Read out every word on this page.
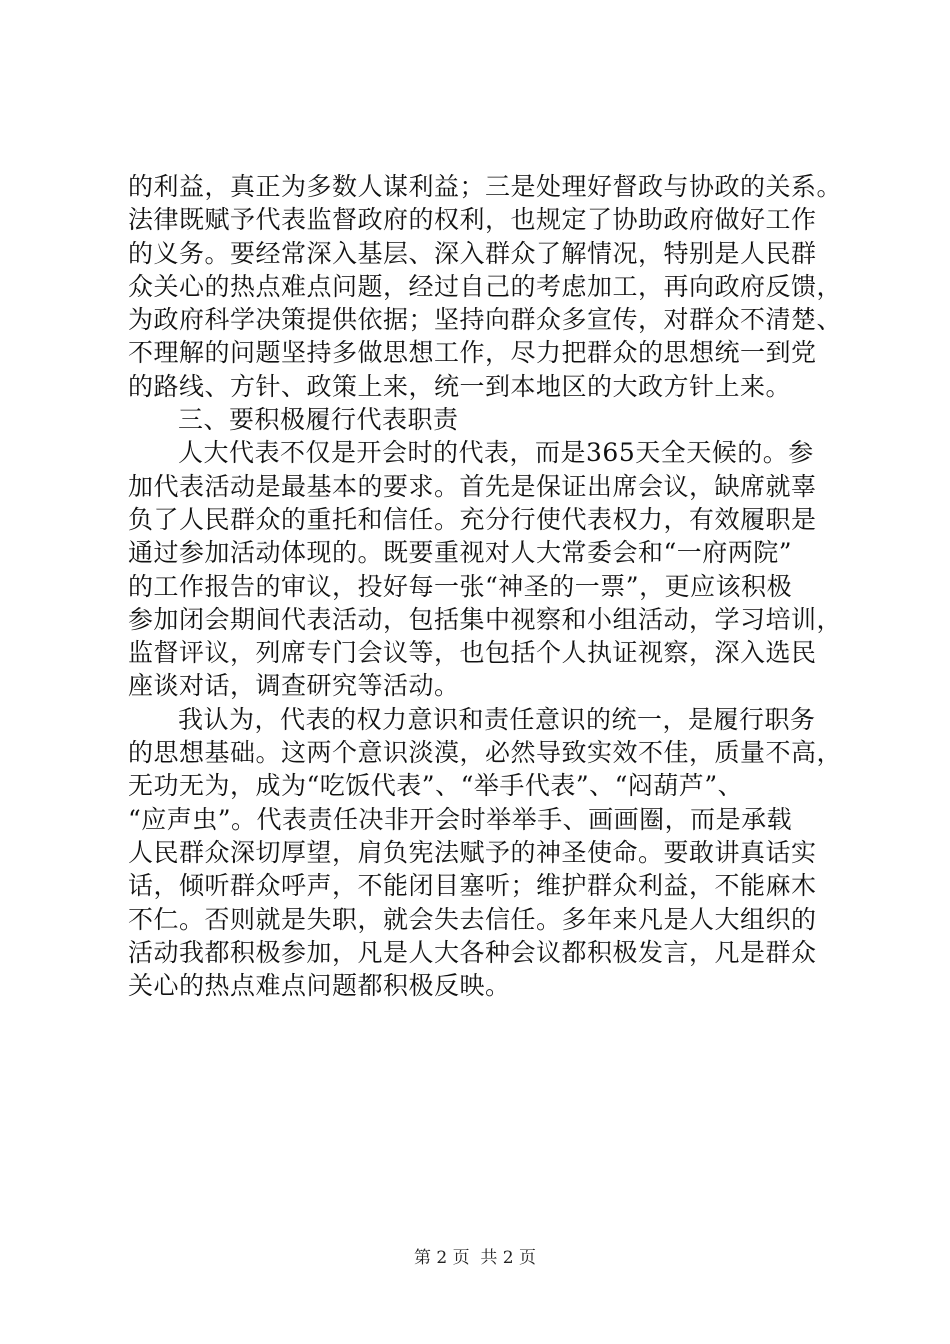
的利益，真正为多数人谋利益；三是处理好督政与协政的关系。
法律既赋予代表监督政府的权利，也规定了协助政府做好工作
的义务。要经常深入基层、深入群众了解情况，特别是人民群
众关心的热点难点问题，经过自己的考虑加工，再向政府反馈，
为政府科学决策提供依据；坚持向群众多宣传，对群众不清楚、
不理解的问题坚持多做思想工作，尽力把群众的思想统一到党
的路线、方针、政策上来，统一到本地区的大政方针上来。
三、要积极履行代表职责
人大代表不仅是开会时的代表，而是365天全天候的。参
加代表活动是最基本的要求。首先是保证出席会议，缺席就辜
负了人民群众的重托和信任。充分行使代表权力，有效履职是
通过参加活动体现的。既要重视对人大常委会和“一府两院”
的工作报告的审议，投好每一张“神圣的一票”，更应该积极
参加闭会期间代表活动，包括集中视察和小组活动，学习培训，
监督评议，列席专门会议等，也包括个人执证视察，深入选民
座谈对话，调查研究等活动。
我认为，代表的权力意识和责任意识的统一，是履行职务
的思想基础。这两个意识淡漠，必然导致实效不佳，质量不高，
无功无为，成为“吃饭代表”、“举手代表”、“闷葫芦”、
“应声虫”。代表责任决非开会时举举手、画画圈，而是承载
人民群众深切厚望，肩负宪法赋予的神圣使命。要敢讲真话实
话，倾听群众呼声，不能闭目塞听；维护群众利益，不能麻木
不仁。否则就是失职，就会失去信任。多年来凡是人大组织的
活动我都积极参加，凡是人大各种会议都积极发言，凡是群众
关心的热点难点问题都积极反映。
第 2 页  共 2 页
